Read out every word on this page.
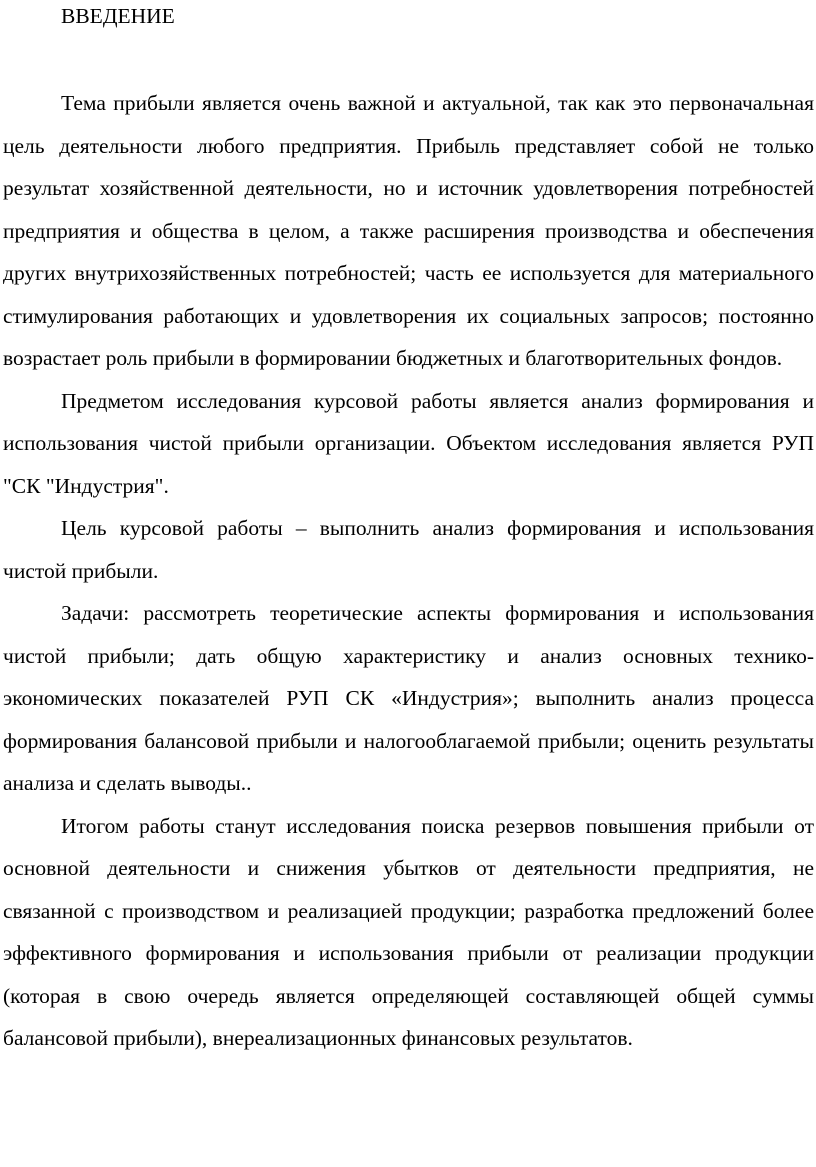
ВВЕДЕНИЕ

Тема прибыли является очень важной и актуальной, так как это первоначальная цель деятельности любого предприятия. Прибыль представляет собой не только результат хозяйственной деятельности, но и источник удовлетворения потребностей предприятия и общества в целом, а также расширения производства и обеспечения других внутрихозяйственных потребностей; часть ее используется для материального стимулирования работающих и удовлетворения их социальных запросов; постоянно возрастает роль прибыли в формировании бюджетных и благотворительных фондов.

Предметом исследования курсовой работы является анализ формирования и использования чистой прибыли организации. Объектом исследования является РУП "СК "Индустрия".

Цель курсовой работы – выполнить анализ формирования и использования чистой прибыли.

Задачи: рассмотреть теоретические аспекты формирования и использования чистой прибыли; дать общую характеристику и анализ основных технико-экономических показателей РУП СК «Индустрия»; выполнить анализ процесса формирования балансовой прибыли и налогооблагаемой прибыли; оценить результаты анализа и сделать выводы..

Итогом работы станут исследования поиска резервов повышения прибыли от основной деятельности и снижения убытков от деятельности предприятия, не связанной с производством и реализацией продукции; разработка предложений более эффективного формирования и использования прибыли от реализации продукции (которая в свою очередь является определяющей составляющей общей суммы балансовой прибыли), внереализационных финансовых результатов.
